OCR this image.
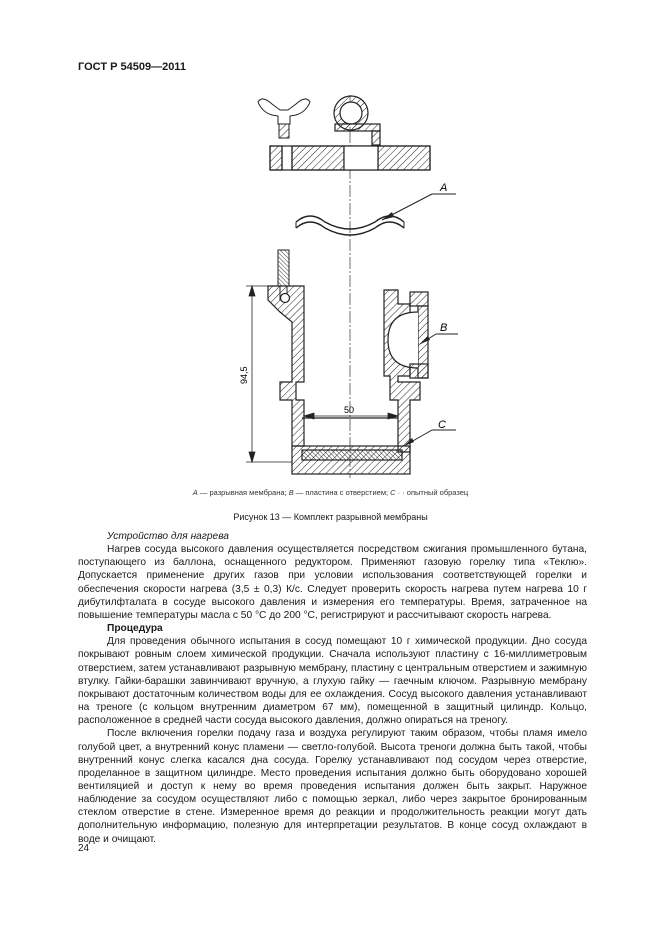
ГОСТ Р 54509—2011
A
B
C
94,5
50
A — разрывная мембрана; B — пластина с отверстием; C · · опытный образец
Рисунок 13 — Комплект разрывной мембраны

Устройство для нагрева

Нагрев сосуда высокого давления осуществляется посредством сжигания промышленного бутана, поступающего из баллона, оснащенного редуктором. Применяют газовую горелку типа «Теклю». Допускается применение других газов при условии использования соответствующей горелки и обеспечения скорости нагрева (3,5 ± 0,3) К/с. Следует проверить скорость нагрева путем нагрева 10 г дибутилфталата в сосуде высокого давления и измерения его температуры. Время, затраченное на повышение температуры масла с 50 °С до 200 °С, регистрируют и рассчитывают скорость нагрева.

Процедура

Для проведения обычного испытания в сосуд помещают 10 г химической продукции. Дно сосуда покрывают ровным слоем химической продукции. Сначала используют пластину с 16-миллиметровым отверстием, затем устанавливают разрывную мембрану, пластину с центральным отверстием и зажимную втулку. Гайки-барашки завинчивают вручную, а глухую гайку — гаечным ключом. Разрывную мембрану покрывают достаточным количеством воды для ее охлаждения. Сосуд высокого давления устанавливают на треноге (с кольцом внутренним диаметром 67 мм), помещенной в защитный цилиндр. Кольцо, расположенное в средней части сосуда высокого давления, должно опираться на треногу.

После включения горелки подачу газа и воздуха регулируют таким образом, чтобы пламя имело голубой цвет, а внутренний конус пламени — светло-голубой. Высота треноги должна быть такой, чтобы внутренний конус слегка касался дна сосуда. Горелку устанавливают под сосудом через отверстие, проделанное в защитном цилиндре. Место проведения испытания должно быть оборудовано хорошей вентиляцией и доступ к нему во время проведения испытания должен быть закрыт. Наружное наблюдение за сосудом осуществляют либо с помощью зеркал, либо через закрытое бронированным стеклом отверстие в стене. Измеренное время до реакции и продолжительность реакции могут дать дополнительную информацию, полезную для интерпретации результатов. В конце сосуд охлаждают в воде и очищают.

24
